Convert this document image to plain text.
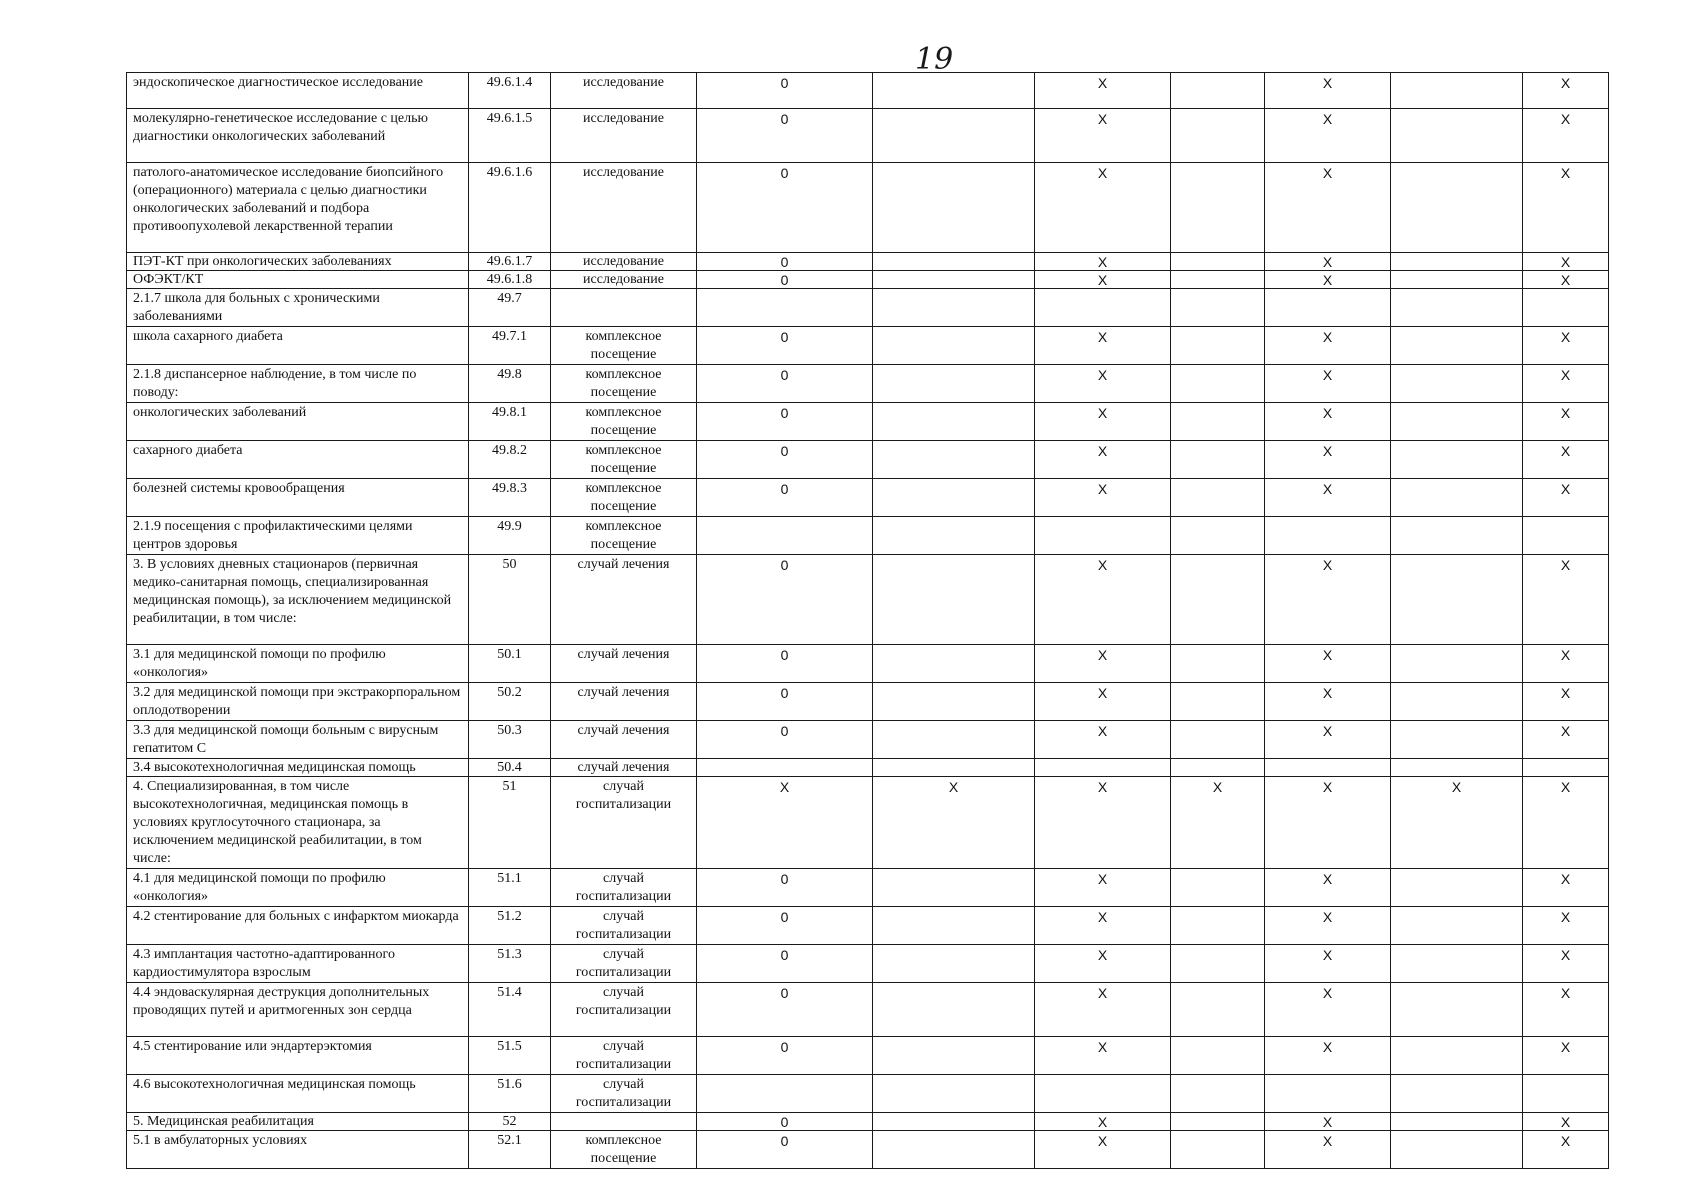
19
эндоскопическое диагностическое исследование	49.6.1.4	исследование	0		X		X		X
молекулярно-генетическое исследование с целью диагностики онкологических заболеваний	49.6.1.5	исследование	0		X		X		X
патолого-анатомическое исследование биопсийного (операционного) материала с целью диагностики онкологических заболеваний и подбора противоопухолевой лекарственной терапии	49.6.1.6	исследование	0		X		X		X
ПЭТ-КТ при онкологических заболеваниях	49.6.1.7	исследование	0		X		X		X
ОФЭКТ/КТ	49.6.1.8	исследование	0		X		X		X
2.1.7 школа для больных с хроническими заболеваниями	49.7								
школа сахарного диабета	49.7.1	комплексное посещение	0		X		X		X
2.1.8 диспансерное наблюдение, в том числе по поводу:	49.8	комплексное посещение	0		X		X		X
онкологических заболеваний	49.8.1	комплексное посещение	0		X		X		X
сахарного диабета	49.8.2	комплексное посещение	0		X		X		X
болезней системы кровообращения	49.8.3	комплексное посещение	0		X		X		X
2.1.9 посещения с профилактическими целями центров здоровья	49.9	комплексное посещение							
3. В условиях дневных стационаров (первичная медико-санитарная помощь, специализированная медицинская помощь), за исключением медицинской реабилитации, в том числе:	50	случай лечения	0		X		X		X
3.1 для медицинской помощи по профилю «онкология»	50.1	случай лечения	0		X		X		X
3.2 для медицинской помощи при экстракорпоральном оплодотворении	50.2	случай лечения	0		X		X		X
3.3 для медицинской помощи больным с вирусным гепатитом С	50.3	случай лечения	0		X		X		X
3.4 высокотехнологичная медицинская помощь	50.4	случай лечения							
4. Специализированная, в том числе высокотехнологичная, медицинская помощь в условиях круглосуточного стационара, за исключением медицинской реабилитации, в том числе:	51	случай госпитализации	X	X	X	X	X	X	X
4.1 для медицинской помощи по профилю «онкология»	51.1	случай госпитализации	0		X		X		X
4.2 стентирование для больных с инфарктом миокарда	51.2	случай госпитализации	0		X		X		X
4.3 имплантация частотно-адаптированного кардиостимулятора взрослым	51.3	случай госпитализации	0		X		X		X
4.4 эндоваскулярная деструкция дополнительных проводящих путей и аритмогенных зон сердца	51.4	случай госпитализации	0		X		X		X
4.5 стентирование или эндартерэктомия	51.5	случай госпитализации	0		X		X		X
4.6 высокотехнологичная медицинская помощь	51.6	случай госпитализации							
5. Медицинская реабилитация	52		0		X		X		X
5.1 в амбулаторных условиях	52.1	комплексное посещение	0		X		X		X
